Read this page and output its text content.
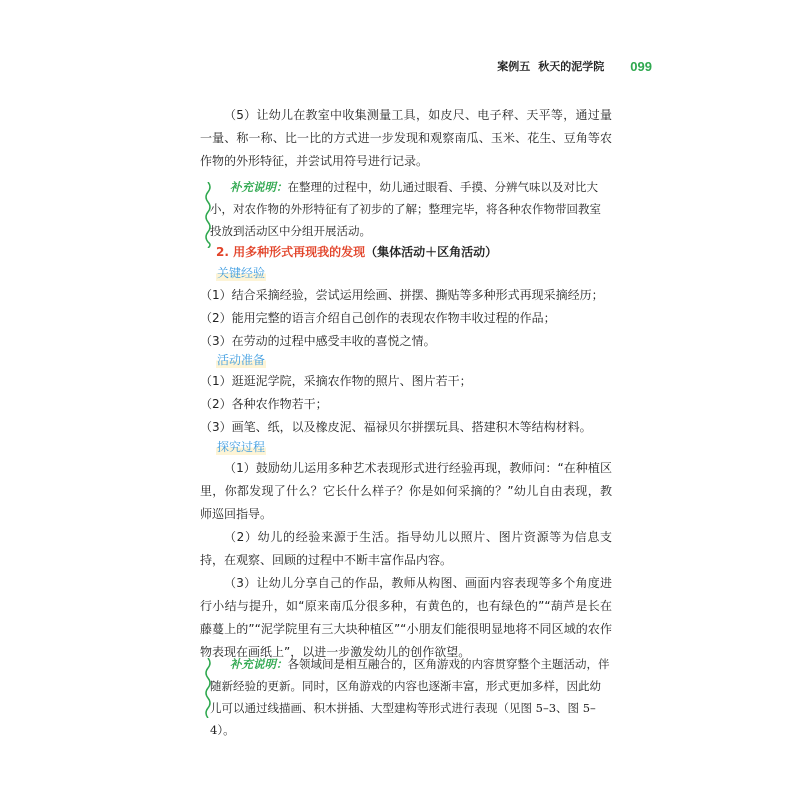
案例五 秋天的泥学院 099
（5）让幼儿在教室中收集测量工具，如皮尺、电子秤、天平等，通过量一量、称一称、比一比的方式进一步发现和观察南瓜、玉米、花生、豆角等农作物的外形特征，并尝试用符号进行记录。
补充说明：在整理的过程中，幼儿通过眼看、手摸、分辨气味以及对比大小，对农作物的外形特征有了初步的了解；整理完毕，将各种农作物带回教室投放到活动区中分组开展活动。
2. 用多种形式再现我的发现（集体活动＋区角活动）
关键经验
（1）结合采摘经验，尝试运用绘画、拼摆、撕贴等多种形式再现采摘经历；
（2）能用完整的语言介绍自己创作的表现农作物丰收过程的作品；
（3）在劳动的过程中感受丰收的喜悦之情。
活动准备
（1）逛逛泥学院，采摘农作物的照片、图片若干；
（2）各种农作物若干；
（3）画笔、纸，以及橡皮泥、福禄贝尔拼摆玩具、搭建积木等结构材料。
探究过程
（1）鼓励幼儿运用多种艺术表现形式进行经验再现，教师问：“在种植区里，你都发现了什么？它长什么样子？你是如何采摘的？”幼儿自由表现，教师巡回指导。
（2）幼儿的经验来源于生活。指导幼儿以照片、图片资源等为信息支持，在观察、回顾的过程中不断丰富作品内容。
（3）让幼儿分享自己的作品，教师从构图、画面内容表现等多个角度进行小结与提升，如“原来南瓜分很多种，有黄色的，也有绿色的”“葫芦是长在藤蔓上的”“泥学院里有三大块种植区”“小朋友们能很明显地将不同区域的农作物表现在画纸上”，以进一步激发幼儿的创作欲望。
补充说明：各领域间是相互融合的，区角游戏的内容贯穿整个主题活动，伴随新经验的更新。同时，区角游戏的内容也逐渐丰富，形式更加多样，因此幼儿可以通过线描画、积木拼插、大型建构等形式进行表现（见图 5–3、图 5–4）。
